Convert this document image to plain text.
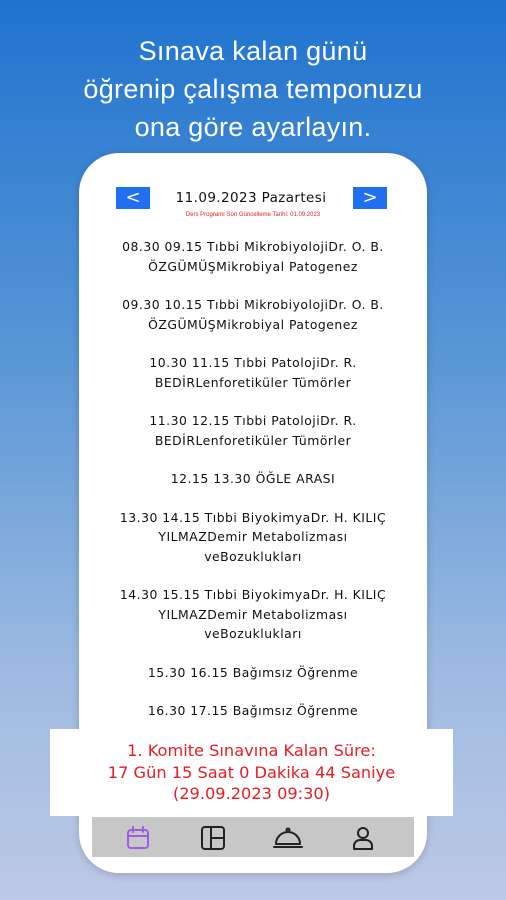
Sınava kalan günü
öğrenip çalışma temponuzu
ona göre ayarlayın.
<	11.09.2023 Pazartesi	>
Ders Programı Son Güncelleme Tarihi: 01.09.2023
08.30 09.15 Tıbbi MikrobiyolojiDr. O. B.
ÖZGÜMÜŞMikrobiyal Patogenez
09.30 10.15 Tıbbi MikrobiyolojiDr. O. B.
ÖZGÜMÜŞMikrobiyal Patogenez
10.30 11.15 Tıbbi PatolojiDr. R.
BEDİRLenforetiküler Tümörler
11.30 12.15 Tıbbi PatolojiDr. R.
BEDİRLenforetiküler Tümörler
12.15 13.30 ÖĞLE ARASI
13.30 14.15 Tıbbi BiyokimyaDr. H. KILIÇ
YILMAZDemir Metabolizması
veBozuklukları
14.30 15.15 Tıbbi BiyokimyaDr. H. KILIÇ
YILMAZDemir Metabolizması
veBozuklukları
15.30 16.15 Bağımsız Öğrenme
16.30 17.15 Bağımsız Öğrenme
1. Komite Sınavına Kalan Süre:
17 Gün 15 Saat 0 Dakika 44 Saniye
(29.09.2023 09:30)
